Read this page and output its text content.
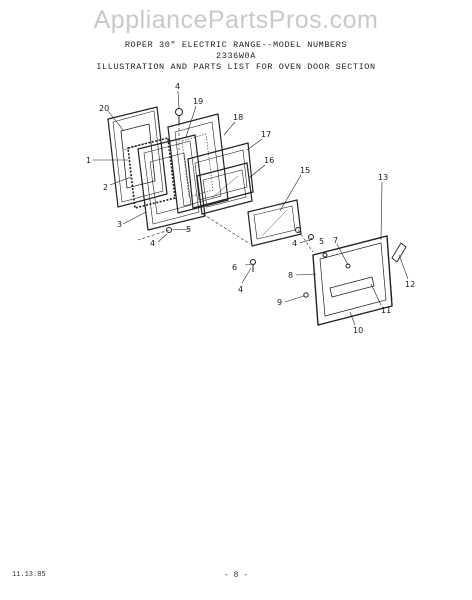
AppliancePartsPros.com
ROPER 30" ELECTRIC RANGE--MODEL NUMBERS
2336W0A
ILLUSTRATION AND PARTS LIST FOR OVEN DOOR SECTION
4
20
19
18
17
16
1
2
15
13
3
5
4	5
4	7
6
8
4
12
9
11
10
11.13.85	- 8 -
